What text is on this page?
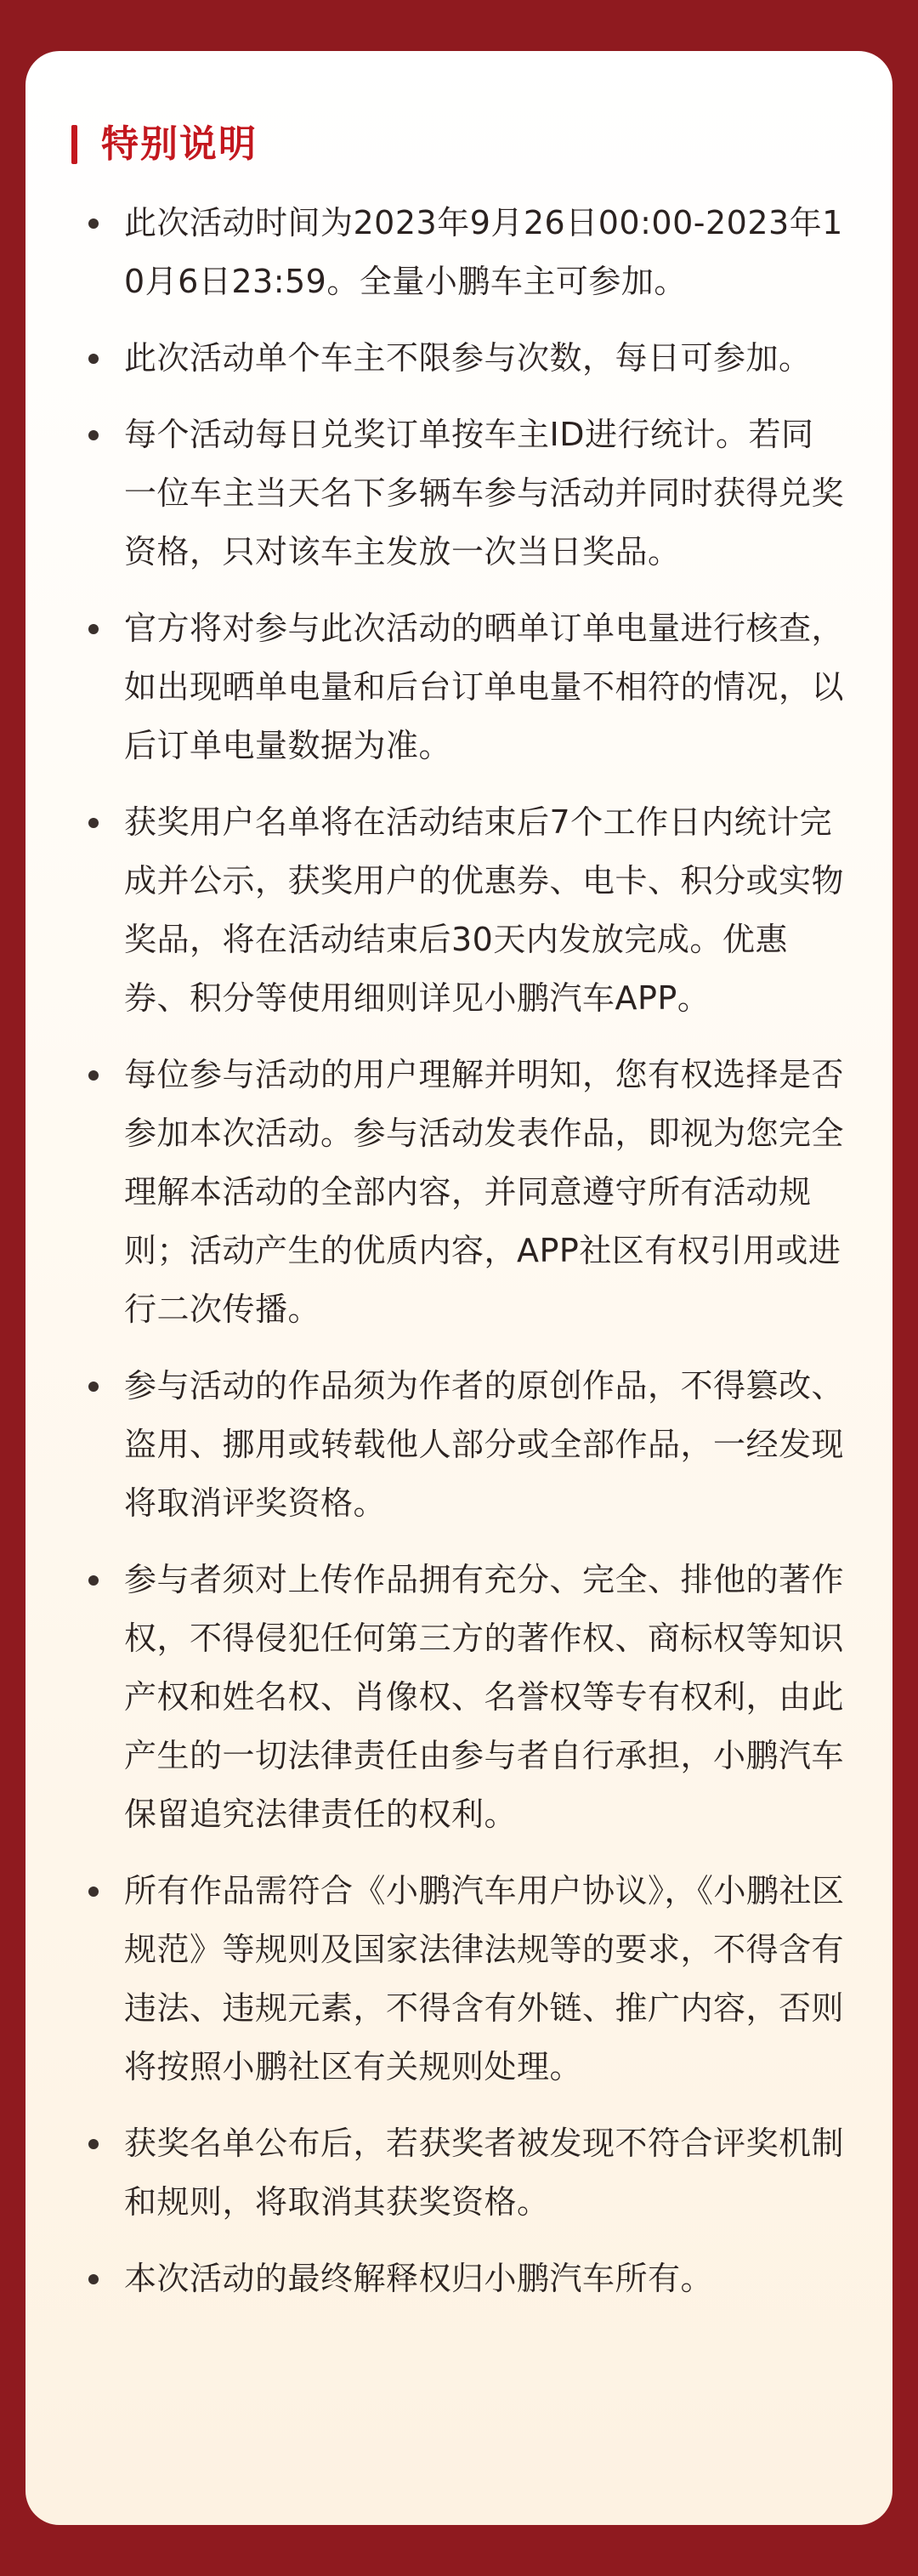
特别说明
此次活动时间为2023年9月26日00:00-2023年10月6日23:59。全量小鹏车主可参加。
此次活动单个车主不限参与次数，每日可参加。
每个活动每日兑奖订单按车主ID进行统计。若同一位车主当天名下多辆车参与活动并同时获得兑奖资格，只对该车主发放一次当日奖品。
官方将对参与此次活动的晒单订单电量进行核查，如出现晒单电量和后台订单电量不相符的情况，以后订单电量数据为准。
获奖用户名单将在活动结束后7个工作日内统计完成并公示，获奖用户的优惠券、电卡、积分或实物奖品，将在活动结束后30天内发放完成。优惠券、积分等使用细则详见小鹏汽车APP。
每位参与活动的用户理解并明知，您有权选择是否参加本次活动。参与活动发表作品，即视为您完全理解本活动的全部内容，并同意遵守所有活动规则；活动产生的优质内容，APP社区有权引用或进行二次传播。
参与活动的作品须为作者的原创作品，不得篡改、盗用、挪用或转载他人部分或全部作品，一经发现将取消评奖资格。
参与者须对上传作品拥有充分、完全、排他的著作权，不得侵犯任何第三方的著作权、商标权等知识产权和姓名权、肖像权、名誉权等专有权利，由此产生的一切法律责任由参与者自行承担，小鹏汽车保留追究法律责任的权利。
所有作品需符合《小鹏汽车用户协议》，《小鹏社区规范》等规则及国家法律法规等的要求，不得含有违法、违规元素，不得含有外链、推广内容，否则将按照小鹏社区有关规则处理。
获奖名单公布后，若获奖者被发现不符合评奖机制和规则，将取消其获奖资格。
本次活动的最终解释权归小鹏汽车所有。
